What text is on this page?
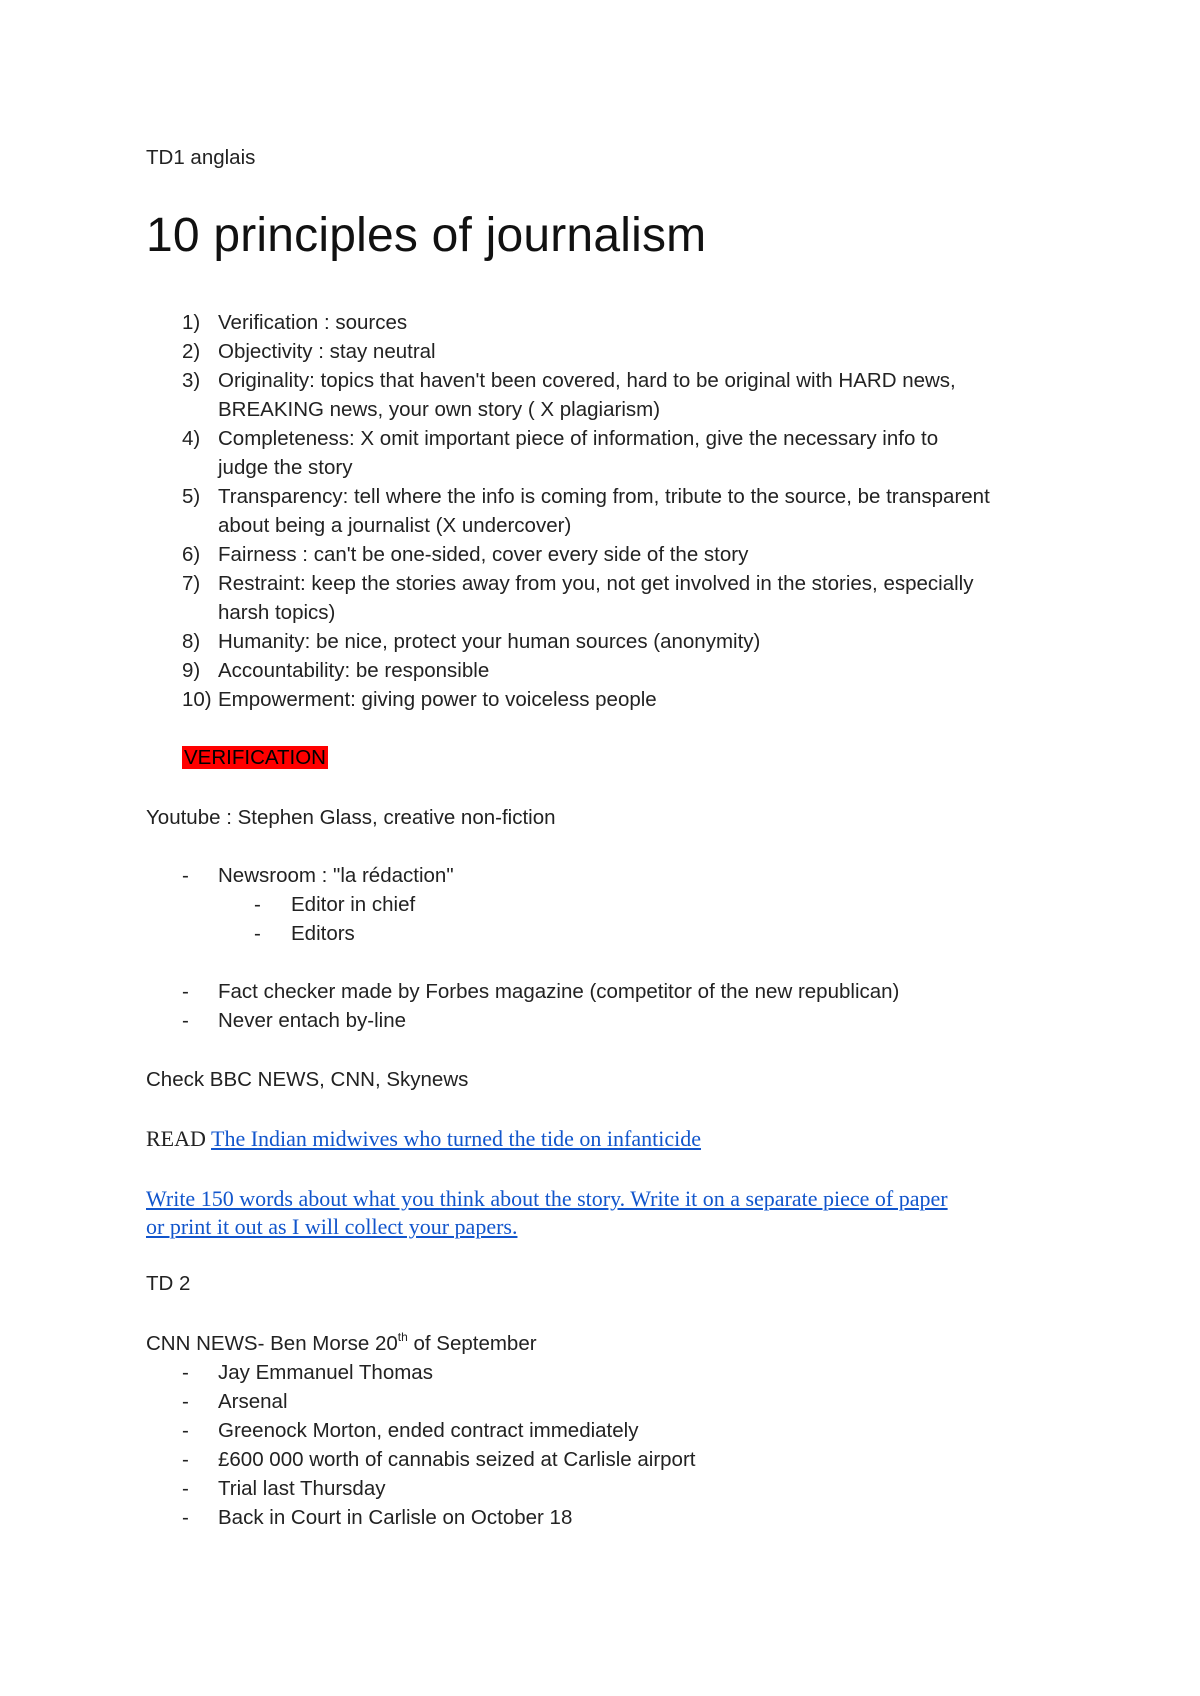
TD1 anglais
10 principles of journalism
1) Verification : sources
2) Objectivity : stay neutral
3) Originality: topics that haven't been covered, hard to be original with HARD news,
BREAKING news, your own story ( X plagiarism)
4) Completeness: X omit important piece of information, give the necessary info to
judge the story
5) Transparency: tell where the info is coming from, tribute to the source, be transparent
about being a journalist (X undercover)
6) Fairness : can't be one-sided, cover every side of the story
7) Restraint: keep the stories away from you, not get involved in the stories, especially
harsh topics)
8) Humanity: be nice, protect your human sources (anonymity)
9) Accountability: be responsible
10) Empowerment: giving power to voiceless people
VERIFICATION
Youtube : Stephen Glass, creative non-fiction
- Newsroom : "la rédaction"
- Editor in chief
- Editors
- Fact checker made by Forbes magazine (competitor of the new republican)
- Never entach by-line
Check BBC NEWS, CNN, Skynews
READ The Indian midwives who turned the tide on infanticide
Write 150 words about what you think about the story. Write it on a separate piece of paper
or print it out as I will collect your papers.
TD 2
CNN NEWS- Ben Morse 20th of September
- Jay Emmanuel Thomas
- Arsenal
- Greenock Morton, ended contract immediately
- £600 000 worth of cannabis seized at Carlisle airport
- Trial last Thursday
- Back in Court in Carlisle on October 18
